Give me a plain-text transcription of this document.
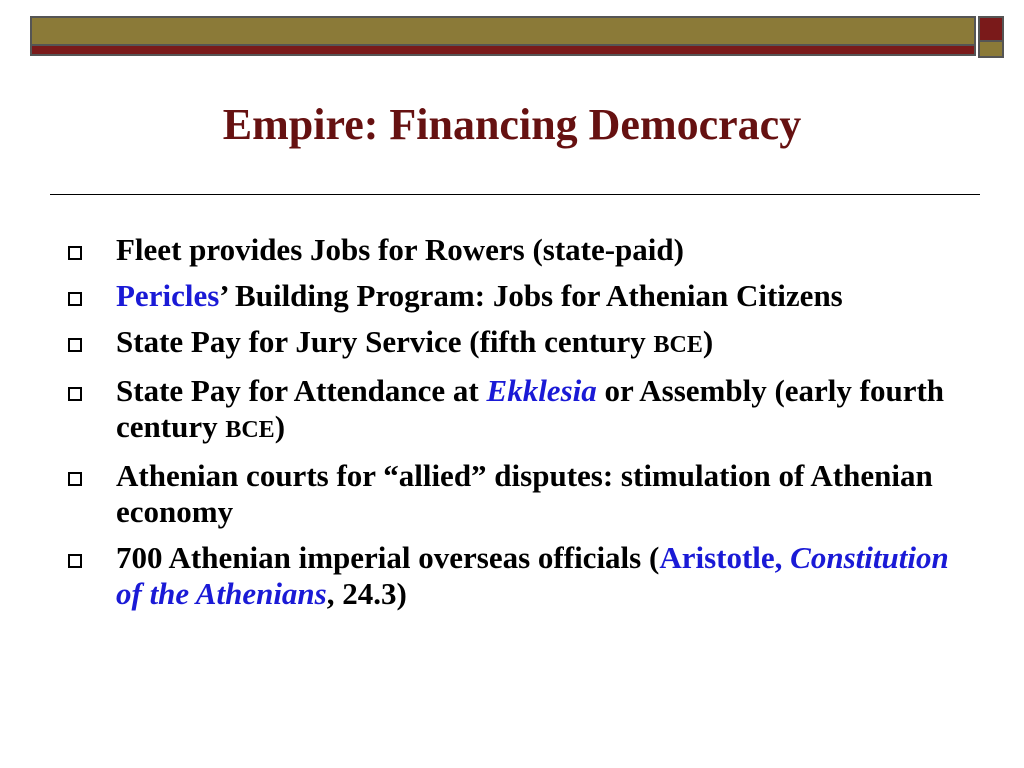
Empire: Financing Democracy
Fleet provides Jobs for Rowers (state-paid)
Pericles’ Building Program: Jobs for Athenian Citizens
State Pay for Jury Service (fifth century BCE)
State Pay for Attendance at Ekklesia or Assembly (early fourth century BCE)
Athenian courts for “allied” disputes: stimulation of Athenian economy
700 Athenian imperial overseas officials (Aristotle, Constitution of the Athenians, 24.3)
